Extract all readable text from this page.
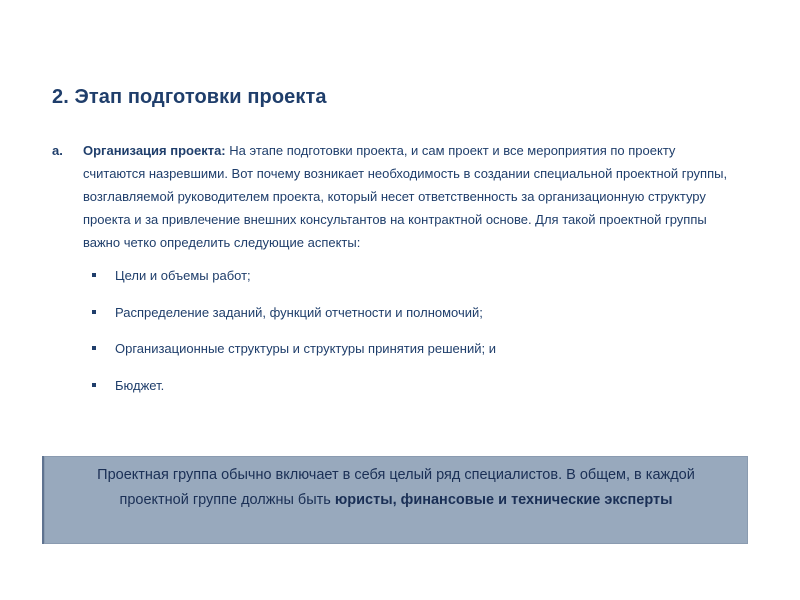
2. Этап подготовки проекта
a. Организация проекта: На этапе подготовки проекта, и сам проект и все мероприятия по проекту считаются назревшими. Вот почему возникает необходимость в создании специальной проектной группы, возглавляемой руководителем проекта, который несет ответственность за организационную структуру проекта и за привлечение внешних консультантов на контрактной основе. Для такой проектной группы важно четко определить следующие аспекты:

Цели и объемы работ;
Распределение заданий, функций отчетности и полномочий;
Организационные структуры и структуры принятия решений; и
Бюджет.
Проектная группа обычно включает в себя целый ряд специалистов. В общем, в каждой проектной группе должны быть юристы, финансовые и технические эксперты
